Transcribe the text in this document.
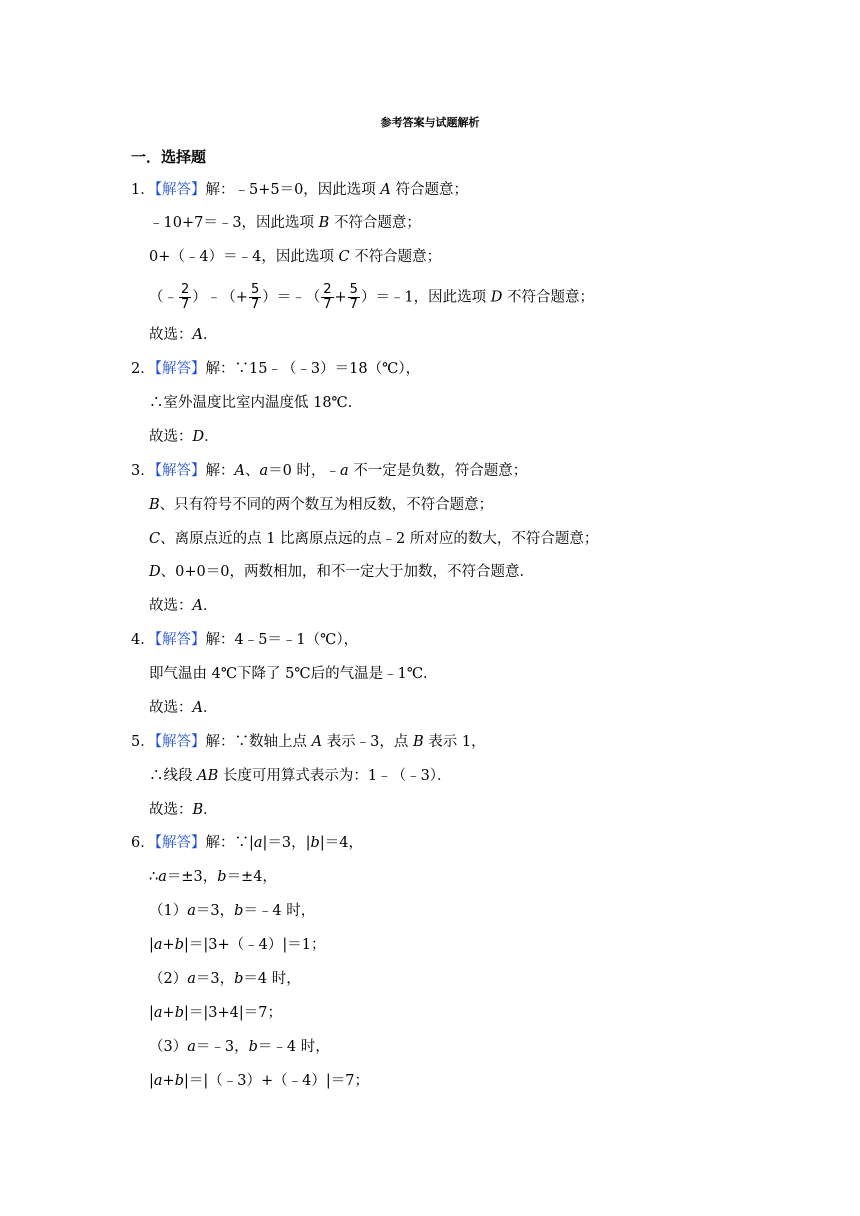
参考答案与试题解析
一．选择题
1．【解答】解：﹣5+5＝0，因此选项 A 符合题意；
﹣10+7＝﹣3，因此选项 B 不符合题意；
0+（﹣4）＝﹣4，因此选项 C 不符合题意；
（﹣ $\frac{2}{7}$ ）﹣（+ $\frac{5}{7}$ ）＝﹣（ $\frac{2}{7} + \frac{5}{7}$ ）＝﹣1，因此选项 D 不符合题意；
故选：A．
2．【解答】解：∵15﹣（﹣3）＝18（℃），
∴室外温度比室内温度低 18℃．
故选：D．
3．【解答】解：A、a＝0 时，﹣a 不一定是负数，符合题意；
B、只有符号不同的两个数互为相反数，不符合题意；
C、离原点近的点 1 比离原点远的点﹣2 所对应的数大，不符合题意；
D、0+0＝0，两数相加，和不一定大于加数，不符合题意．
故选：A．
4．【解答】解：4﹣5＝﹣1（℃），
即气温由 4℃下降了 5℃后的气温是﹣1℃．
故选：A．
5．【解答】解：∵数轴上点 A 表示﹣3，点 B 表示 1，
∴线段 AB 长度可用算式表示为：1﹣（﹣3）．
故选：B．
6．【解答】解：∵|a|＝3，|b|＝4，
∴a＝±3，b＝±4，
（1）a＝3，b＝﹣4 时，
|a+b|＝|3+（﹣4）|＝1；
（2）a＝3，b＝4 时，
|a+b|＝|3+4|＝7；
（3）a＝﹣3，b＝﹣4 时，
|a+b|＝|（﹣3）+（﹣4）|＝7；
